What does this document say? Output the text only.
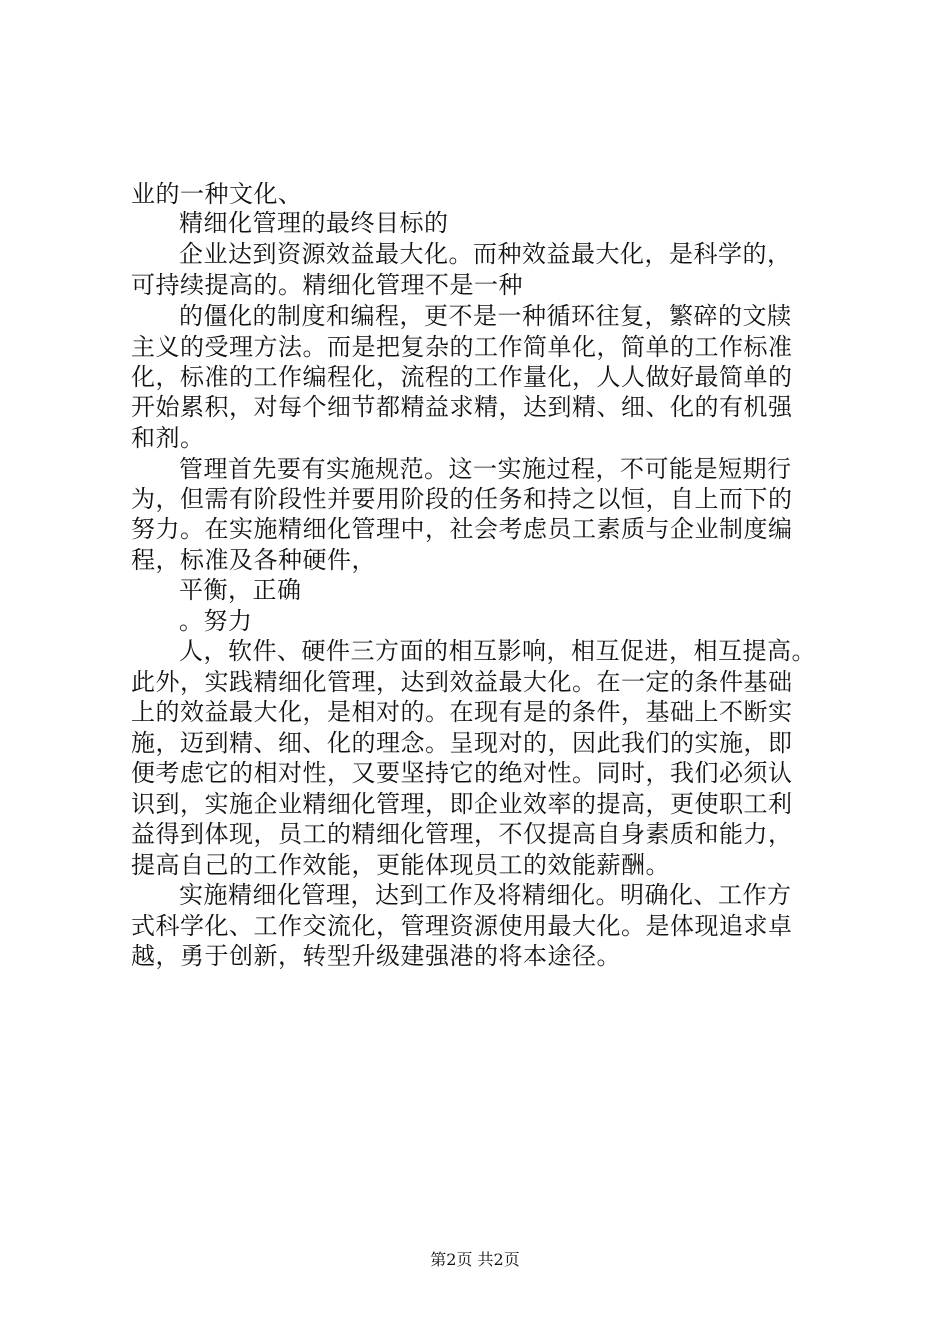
业的一种文化、
精细化管理的最终目标的
企业达到资源效益最大化。而种效益最大化，是科学的，
可持续提高的。精细化管理不是一种
的僵化的制度和编程，更不是一种循环往复，繁碎的文牍
主义的受理方法。而是把复杂的工作简单化，简单的工作标准
化，标准的工作编程化，流程的工作量化，人人做好最简单的
开始累积，对每个细节都精益求精，达到精、细、化的有机强
和剂。
管理首先要有实施规范。这一实施过程，不可能是短期行
为，但需有阶段性并要用阶段的任务和持之以恒，自上而下的
努力。在实施精细化管理中，社会考虑员工素质与企业制度编
程，标准及各种硬件，
平衡，正确
。努力
人，软件、硬件三方面的相互影响，相互促进，相互提高。
此外，实践精细化管理，达到效益最大化。在一定的条件基础
上的效益最大化，是相对的。在现有是的条件，基础上不断实
施，迈到精、细、化的理念。呈现对的，因此我们的实施，即
便考虑它的相对性，又要坚持它的绝对性。同时，我们必须认
识到，实施企业精细化管理，即企业效率的提高，更使职工利
益得到体现，员工的精细化管理，不仅提高自身素质和能力，
提高自己的工作效能，更能体现员工的效能薪酬。
实施精细化管理，达到工作及将精细化。明确化、工作方
式科学化、工作交流化，管理资源使用最大化。是体现追求卓
越，勇于创新，转型升级建强港的将本途径。
第2页 共2页
